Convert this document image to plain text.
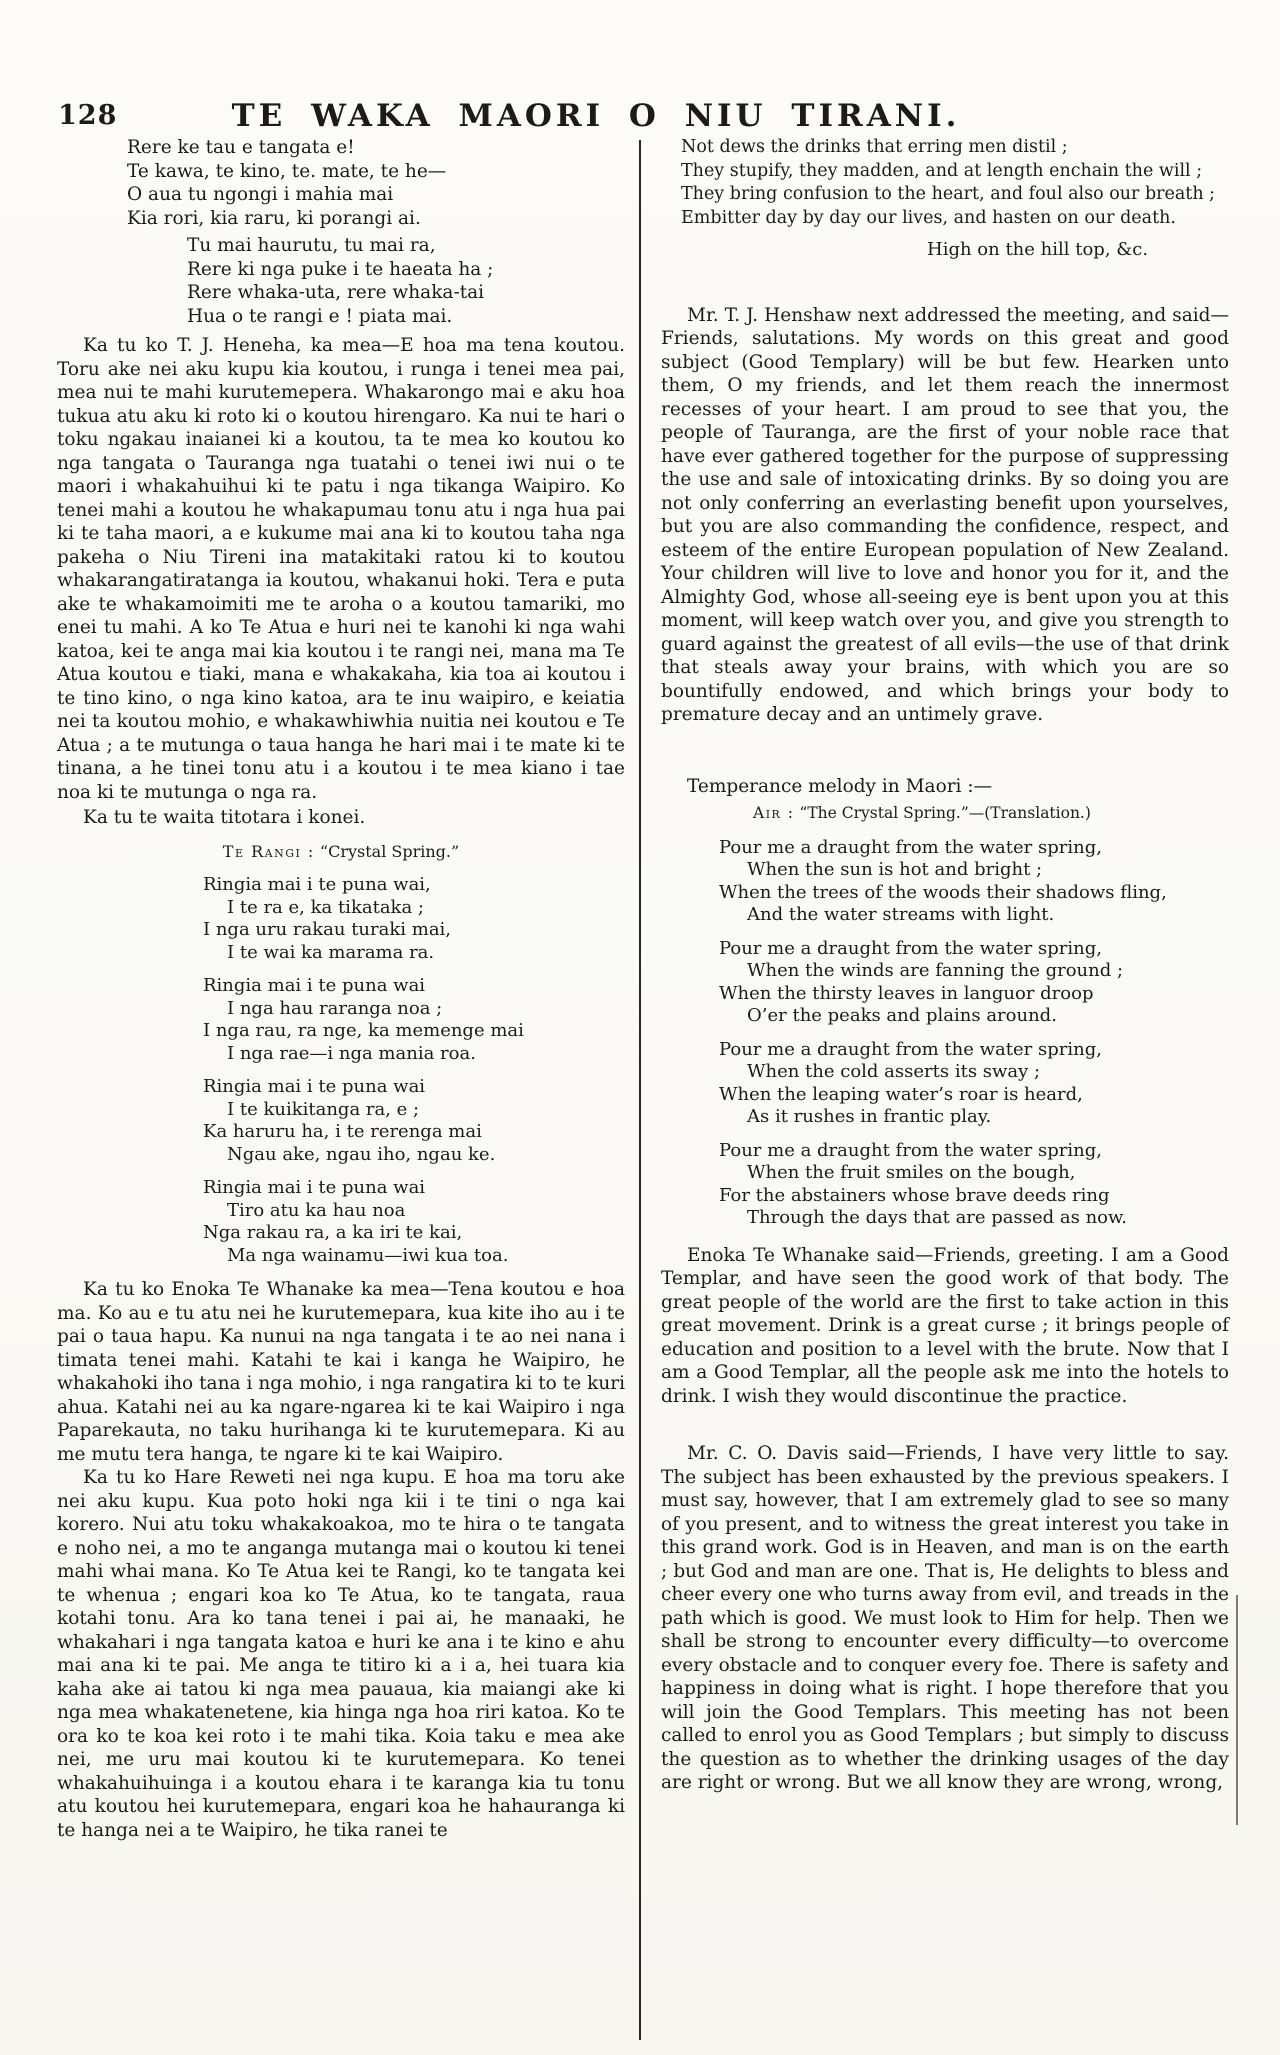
128	TE WAKA MAORI O NIU TIRANI.
Rere ke tau e tangata e!
Te kawa, te kino, te. mate, te he—
O aua tu ngongi i mahia mai
Kia rori, kia raru, ki porangi ai.
Tu mai haurutu, tu mai ra,
Rere ki nga puke i te haeata ha ;
Rere whaka-uta, rere whaka-tai
Hua o te rangi e ! piata mai.

Ka tu ko T. J. Heneha, ka mea—E hoa ma tena koutou. Toru ake nei aku kupu kia koutou, i runga i tenei mea pai, mea nui te mahi kurutemepera. Whakarongo mai e aku hoa tukua atu aku ki roto ki o koutou hirengaro. Ka nui te hari o toku ngakau inaianei ki a koutou, ta te mea ko koutou ko nga tangata o Tauranga nga tuatahi o tenei iwi nui o te maori i whakahuihui ki te patu i nga tikanga Waipiro. Ko tenei mahi a koutou he whakapumau tonu atu i nga hua pai ki te taha maori, a e kukume mai ana ki to koutou taha nga pakeha o Niu Tireni ina matakitaki ratou ki to koutou whakarangatiratanga ia koutou, whakanui hoki. Tera e puta ake te whakamoimiti me te aroha o a koutou tamariki, mo enei tu mahi. A ko Te Atua e huri nei te kanohi ki nga wahi katoa, kei te anga mai kia koutou i te rangi nei, mana ma Te Atua koutou e tiaki, mana e whakakaha, kia toa ai koutou i te tino kino, o nga kino katoa, ara te inu waipiro, e keiatia nei ta koutou mohio, e whakawhiwhia nuitia nei koutou e Te Atua ; a te mutunga o taua hanga he hari mai i te mate ki te tinana, a he tinei tonu atu i a koutou i te mea kiano i tae noa ki te mutunga o nga ra.

Ka tu te waita titotara i konei.

Te Rangi : “Crystal Spring.”
Ringia mai i te puna wai,
I te ra e, ka tikataka ;
I nga uru rakau turaki mai,
I te wai ka marama ra.
Ringia mai i te puna wai
I nga hau raranga noa ;
I nga rau, ra nge, ka memenge mai
I nga rae—i nga mania roa.
Ringia mai i te puna wai
I te kuikitanga ra, e ;
Ka haruru ha, i te rerenga mai
Ngau ake, ngau iho, ngau ke.
Ringia mai i te puna wai
Tiro atu ka hau noa
Nga rakau ra, a ka iri te kai,
Ma nga wainamu—iwi kua toa.

Ka tu ko Enoka Te Whanake ka mea—Tena koutou e hoa ma. Ko au e tu atu nei he kurutemepara, kua kite iho au i te pai o taua hapu. Ka nunui na nga tangata i te ao nei nana i timata tenei mahi. Katahi te kai i kanga he Waipiro, he whakahoki iho tana i nga mohio, i nga rangatira ki to te kuri ahua. Katahi nei au ka ngare-ngarea ki te kai Waipiro i nga Paparekauta, no taku hurihanga ki te kurutemepara. Ki au me mutu tera hanga, te ngare ki te kai Waipiro.

Ka tu ko Hare Reweti nei nga kupu. E hoa ma toru ake nei aku kupu. Kua poto hoki nga kii i te tini o nga kai korero. Nui atu toku whakakoakoa, mo te hira o te tangata e noho nei, a mo te anganga mutanga mai o koutou ki tenei mahi whai mana. Ko Te Atua kei te Rangi, ko te tangata kei te whenua ; engari koa ko Te Atua, ko te tangata, raua kotahi tonu. Ara ko tana tenei i pai ai, he manaaki, he whakahari i nga tangata katoa e huri ke ana i te kino e ahu mai ana ki te pai. Me anga te titiro ki a i a, hei tuara kia kaha ake ai tatou ki nga mea pauaua, kia maiangi ake ki nga mea whakatenetene, kia hinga nga hoa riri katoa. Ko te ora ko te koa kei roto i te mahi tika. Koia taku e mea ake nei, me uru mai koutou ki te kurutemepara. Ko tenei whakahuihuinga i a koutou ehara i te karanga kia tu tonu atu koutou hei kurutemepara, engari koa he hahauranga ki te hanga nei a te Waipiro, he tika ranei te

Not dews the drinks that erring men distil ;
They stupify, they madden, and at length enchain the will ;
They bring confusion to the heart, and foul also our breath ;
Embitter day by day our lives, and hasten on our death.
High on the hill top, &c.

Mr. T. J. Henshaw next addressed the meeting, and said—Friends, salutations. My words on this great and good subject (Good Templary) will be but few. Hearken unto them, O my friends, and let them reach the innermost recesses of your heart. I am proud to see that you, the people of Tauranga, are the first of your noble race that have ever gathered together for the purpose of suppressing the use and sale of intoxicating drinks. By so doing you are not only conferring an everlasting benefit upon yourselves, but you are also commanding the confidence, respect, and esteem of the entire European population of New Zealand. Your children will live to love and honor you for it, and the Almighty God, whose all-seeing eye is bent upon you at this moment, will keep watch over you, and give you strength to guard against the greatest of all evils—the use of that drink that steals away your brains, with which you are so bountifully endowed, and which brings your body to premature decay and an untimely grave.

Temperance melody in Maori :—

Air : “The Crystal Spring.”—(Translation.)
Pour me a draught from the water spring,
When the sun is hot and bright ;
When the trees of the woods their shadows fling,
And the water streams with light.
Pour me a draught from the water spring,
When the winds are fanning the ground ;
When the thirsty leaves in languor droop
O’er the peaks and plains around.
Pour me a draught from the water spring,
When the cold asserts its sway ;
When the leaping water’s roar is heard,
As it rushes in frantic play.
Pour me a draught from the water spring,
When the fruit smiles on the bough,
For the abstainers whose brave deeds ring
Through the days that are passed as now.

Enoka Te Whanake said—Friends, greeting. I am a Good Templar, and have seen the good work of that body. The great people of the world are the first to take action in this great movement. Drink is a great curse ; it brings people of education and position to a level with the brute. Now that I am a Good Templar, all the people ask me into the hotels to drink. I wish they would discontinue the practice.

Mr. C. O. Davis said—Friends, I have very little to say. The subject has been exhausted by the previous speakers. I must say, however, that I am extremely glad to see so many of you present, and to witness the great interest you take in this grand work. God is in Heaven, and man is on the earth ; but God and man are one. That is, He delights to bless and cheer every one who turns away from evil, and treads in the path which is good. We must look to Him for help. Then we shall be strong to encounter every difficulty—to overcome every obstacle and to conquer every foe. There is safety and happiness in doing what is right. I hope therefore that you will join the Good Templars. This meeting has not been called to enrol you as Good Templars ; but simply to discuss the question as to whether the drinking usages of the day are right or wrong. But we all know they are wrong, wrong,
